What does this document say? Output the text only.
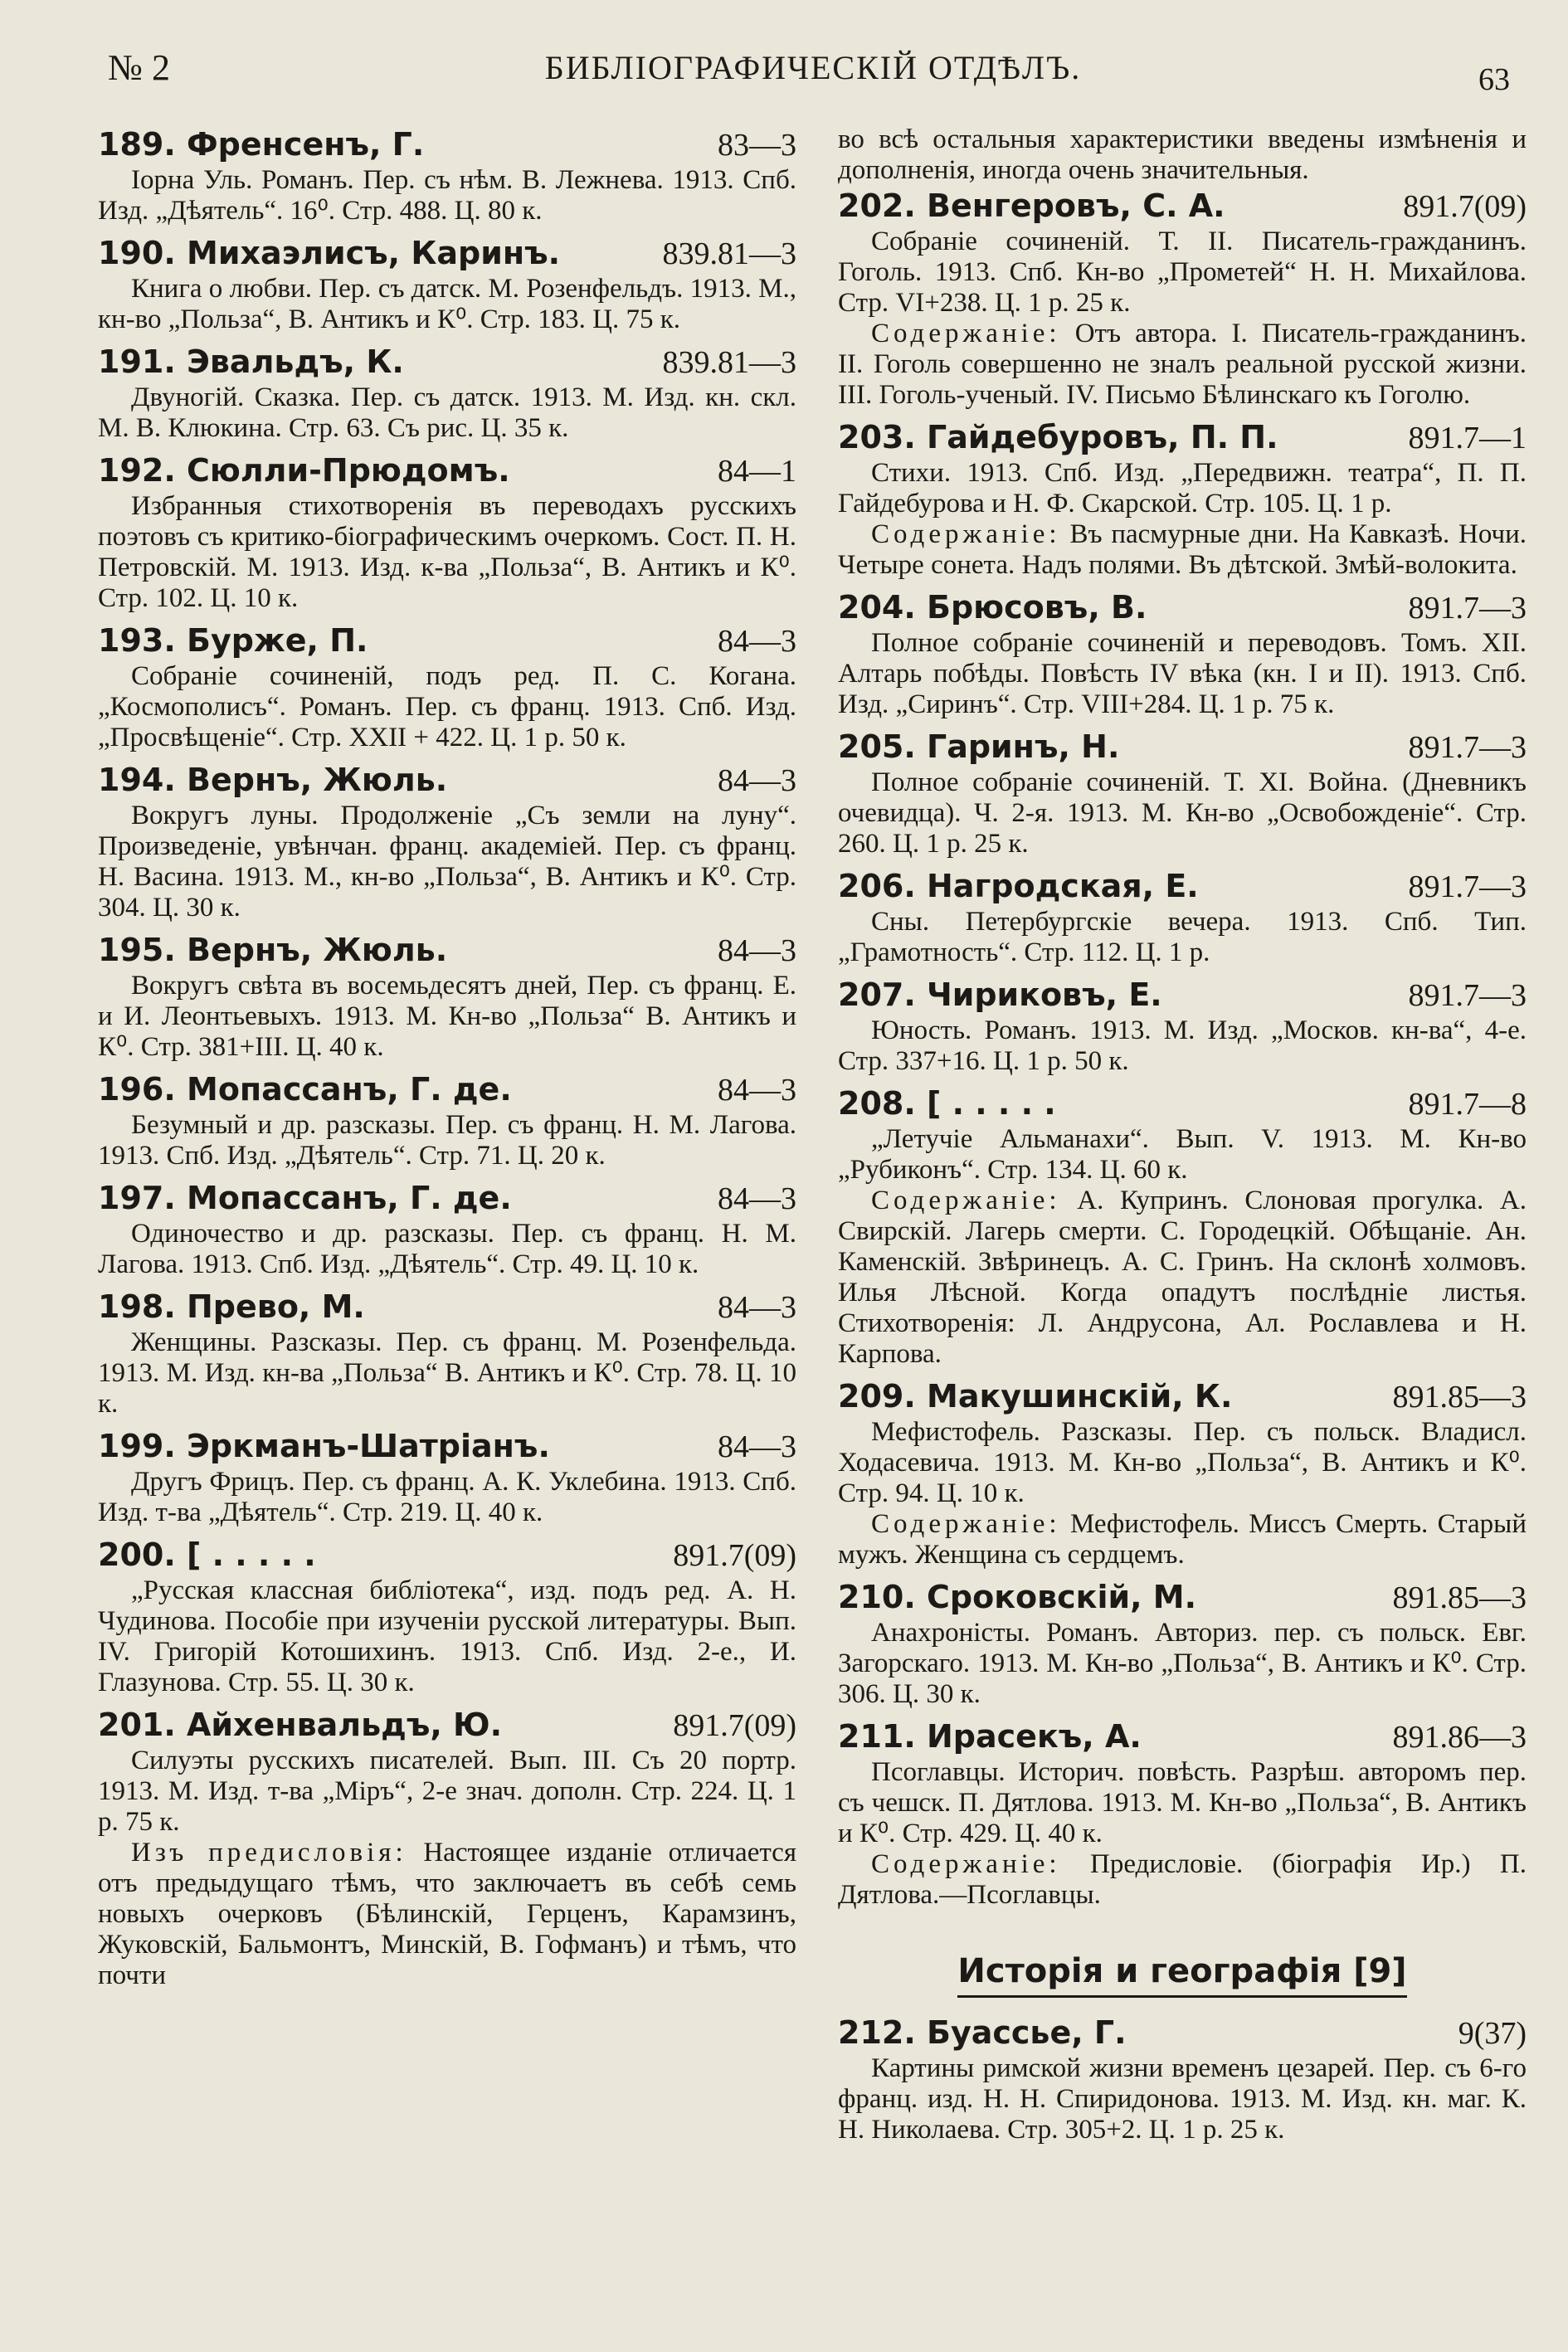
№ 2	БИБЛІОГРАФИЧЕСКІЙ ОТДѢЛЪ.	63
189. Френсенъ, Г.	83—3
Іорна Уль. Романъ. Пер. съ нѣм. В. Лежнева. 1913. Спб. Изд. „Дѣятель“. 16⁰. Стр. 488. Ц. 80 к.
190. Михаэлисъ, Каринъ.	839.81—3
Книга о любви. Пер. съ датск. М. Розенфельдъ. 1913. М., кн-во „Польза“, В. Антикъ и К⁰. Стр. 183. Ц. 75 к.
191. Эвальдъ, К.	839.81—3
Двуногій. Сказка. Пер. съ датск. 1913. М. Изд. кн. скл. М. В. Клюкина. Стр. 63. Съ рис. Ц. 35 к.
192. Сюлли-Прюдомъ.	84—1
Избранныя стихотворенія въ переводахъ русскихъ поэтовъ съ критико-біографическимъ очеркомъ. Сост. П. Н. Петровскій. М. 1913. Изд. к-ва „Польза“, В. Антикъ и К⁰. Стр. 102. Ц. 10 к.
193. Бурже, П.	84—3
Собраніе сочиненій, подъ ред. П. С. Когана. „Космополисъ“. Романъ. Пер. съ франц. 1913. Спб. Изд. „Просвѣщеніе“. Стр. XXII + 422. Ц. 1 р. 50 к.
194. Вернъ, Жюль.	84—3
Вокругъ луны. Продолженіе „Съ земли на луну“. Произведеніе, увѣнчан. франц. академіей. Пер. съ франц. Н. Васина. 1913. М., кн-во „Польза“, В. Антикъ и К⁰. Стр. 304. Ц. 30 к.
195. Вернъ, Жюль.	84—3
Вокругъ свѣта въ восемьдесятъ дней, Пер. съ франц. Е. и И. Леонтьевыхъ. 1913. М. Кн-во „Польза“ В. Антикъ и К⁰. Стр. 381+III. Ц. 40 к.
196. Мопассанъ, Г. де.	84—3
Безумный и др. разсказы. Пер. съ франц. Н. М. Лагова. 1913. Спб. Изд. „Дѣятель“. Стр. 71. Ц. 20 к.
197. Мопассанъ, Г. де.	84—3
Одиночество и др. разсказы. Пер. съ франц. Н. М. Лагова. 1913. Спб. Изд. „Дѣятель“. Стр. 49. Ц. 10 к.
198. Прево, М.	84—3
Женщины. Разсказы. Пер. съ франц. М. Розенфельда. 1913. М. Изд. кн-ва „Польза“ В. Антикъ и К⁰. Стр. 78. Ц. 10 к.
199. Эркманъ-Шатріанъ.	84—3
Другъ Фрицъ. Пер. съ франц. А. К. Уклебина. 1913. Спб. Изд. т-ва „Дѣятель“. Стр. 219. Ц. 40 к.
200. [ . . . . .	891.7(09)
„Русская классная библіотека“, изд. подъ ред. А. Н. Чудинова. Пособіе при изученіи русской литературы. Вып. IV. Григорій Котошихинъ. 1913. Спб. Изд. 2-е., И. Глазунова. Стр. 55. Ц. 30 к.
201. Айхенвальдъ, Ю.	891.7(09)
Силуэты русскихъ писателей. Вып. III. Съ 20 портр. 1913. М. Изд. т-ва „Міръ“, 2-е знач. дополн. Стр. 224. Ц. 1 р. 75 к.
Изъ предисловія: Настоящее изданіе отличается отъ предыдущаго тѣмъ, что заключаетъ въ себѣ семь новыхъ очерковъ (Бѣлинскій, Герценъ, Карамзинъ, Жуковскій, Бальмонтъ, Минскій, В. Гофманъ) и тѣмъ, что почти
во всѣ остальныя характеристики введены измѣненія и дополненія, иногда очень значительныя.
202. Венгеровъ, С. А.	891.7(09)
Собраніе сочиненій. Т. II. Писатель-гражданинъ. Гоголь. 1913. Спб. Кн-во „Прометей“ Н. Н. Михайлова. Стр. VI+238. Ц. 1 р. 25 к.
Содержаніе: Отъ автора. I. Писатель-гражданинъ. II. Гоголь совершенно не зналъ реальной русской жизни. III. Гоголь-ученый. IV. Письмо Бѣлинскаго къ Гоголю.
203. Гайдебуровъ, П. П.	891.7—1
Стихи. 1913. Спб. Изд. „Передвижн. театра“, П. П. Гайдебурова и Н. Ф. Скарской. Стр. 105. Ц. 1 р.
Содержаніе: Въ пасмурные дни. На Кавказѣ. Ночи. Четыре сонета. Надъ полями. Въ дѣтской. Змѣй-волокита.
204. Брюсовъ, В.	891.7—3
Полное собраніе сочиненій и переводовъ. Томъ. XII. Алтарь побѣды. Повѣсть IV вѣка (кн. I и II). 1913. Спб. Изд. „Сиринъ“. Стр. VIII+284. Ц. 1 р. 75 к.
205. Гаринъ, Н.	891.7—3
Полное собраніе сочиненій. Т. XI. Война. (Дневникъ очевидца). Ч. 2-я. 1913. М. Кн-во „Освобожденіе“. Стр. 260. Ц. 1 р. 25 к.
206. Нагродская, Е.	891.7—3
Сны. Петербургскіе вечера. 1913. Спб. Тип. „Грамотность“. Стр. 112. Ц. 1 р.
207. Чириковъ, Е.	891.7—3
Юность. Романъ. 1913. М. Изд. „Москов. кн-ва“, 4-е. Стр. 337+16. Ц. 1 р. 50 к.
208. [ . . . . .	891.7—8
„Летучіе Альманахи“. Вып. V. 1913. М. Кн-во „Рубиконъ“. Стр. 134. Ц. 60 к.
Содержаніе: А. Купринъ. Слоновая прогулка. А. Свирскій. Лагерь смерти. С. Городецкій. Обѣщаніе. Ан. Каменскій. Звѣринецъ. А. С. Гринъ. На склонѣ холмовъ. Илья Лѣсной. Когда опадутъ послѣдніе листья. Стихотворенія: Л. Андрусона, Ал. Рославлева и Н. Карпова.
209. Макушинскій, К.	891.85—3
Мефистофель. Разсказы. Пер. съ польск. Владисл. Ходасевича. 1913. М. Кн-во „Польза“, В. Антикъ и К⁰. Стр. 94. Ц. 10 к.
Содержаніе: Мефистофель. Миссъ Смерть. Старый мужъ. Женщина съ сердцемъ.
210. Сроковскій, М.	891.85—3
Анахроністы. Романъ. Авториз. пер. съ польск. Евг. Загорскаго. 1913. М. Кн-во „Польза“, В. Антикъ и К⁰. Стр. 306. Ц. 30 к.
211. Ирасекъ, А.	891.86—3
Псоглавцы. Историч. повѣсть. Разрѣш. авторомъ пер. съ чешск. П. Дятлова. 1913. М. Кн-во „Польза“, В. Антикъ и К⁰. Стр. 429. Ц. 40 к.
Содержаніе: Предисловіе. (біографія Ир.) П. Дятлова.—Псоглавцы.
Исторія и географія [9]
212. Буассье, Г.	9(37)
Картины римской жизни временъ цезарей. Пер. съ 6-го франц. изд. Н. Н. Спиридонова. 1913. М. Изд. кн. маг. К. Н. Николаева. Стр. 305+2. Ц. 1 р. 25 к.
